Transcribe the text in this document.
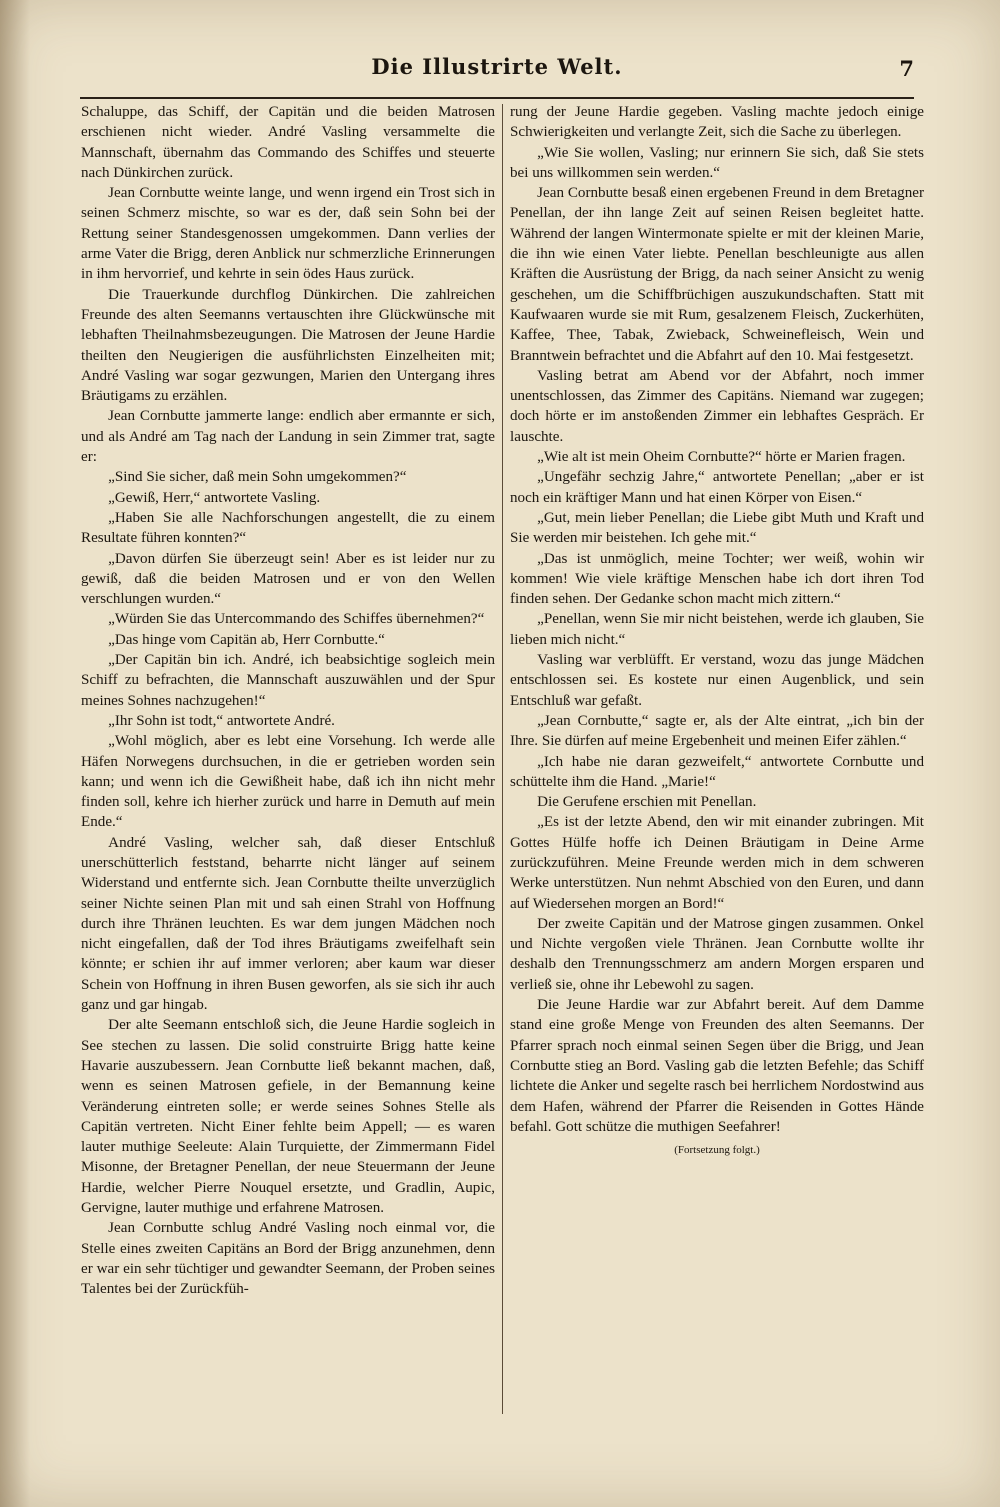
Die Illustrirte Welt.	7

Schaluppe, das Schiff, der Capitän und die beiden Matrosen erschienen nicht wieder. André Vasling versammelte die Mannschaft, übernahm das Commando des Schiffes und steuerte nach Dünkirchen zurück.

Jean Cornbutte weinte lange, und wenn irgend ein Trost sich in seinen Schmerz mischte, so war es der, daß sein Sohn bei der Rettung seiner Standesgenossen umgekommen. Dann verlies der arme Vater die Brigg, deren Anblick nur schmerzliche Erinnerungen in ihm hervorrief, und kehrte in sein ödes Haus zurück.

Die Trauerkunde durchflog Dünkirchen. Die zahlreichen Freunde des alten Seemanns vertauschten ihre Glückwünsche mit lebhaften Theilnahmsbezeugungen. Die Matrosen der Jeune Hardie theilten den Neugierigen die ausführlichsten Einzelheiten mit; André Vasling war sogar gezwungen, Marien den Untergang ihres Bräutigams zu erzählen.

Jean Cornbutte jammerte lange: endlich aber ermannte er sich, und als André am Tag nach der Landung in sein Zimmer trat, sagte er:

„Sind Sie sicher, daß mein Sohn umgekommen?“

„Gewiß, Herr,“ antwortete Vasling.

„Haben Sie alle Nachforschungen angestellt, die zu einem Resultate führen konnten?“

„Davon dürfen Sie überzeugt sein! Aber es ist leider nur zu gewiß, daß die beiden Matrosen und er von den Wellen verschlungen wurden.“

„Würden Sie das Untercommando des Schiffes übernehmen?“

„Das hinge vom Capitän ab, Herr Cornbutte.“

„Der Capitän bin ich. André, ich beabsichtige sogleich mein Schiff zu befrachten, die Mannschaft auszuwählen und der Spur meines Sohnes nachzugehen!“

„Ihr Sohn ist todt,“ antwortete André.

„Wohl möglich, aber es lebt eine Vorsehung. Ich werde alle Häfen Norwegens durchsuchen, in die er getrieben worden sein kann; und wenn ich die Gewißheit habe, daß ich ihn nicht mehr finden soll, kehre ich hierher zurück und harre in Demuth auf mein Ende.“

André Vasling, welcher sah, daß dieser Entschluß unerschütterlich feststand, beharrte nicht länger auf seinem Widerstand und entfernte sich. Jean Cornbutte theilte unverzüglich seiner Nichte seinen Plan mit und sah einen Strahl von Hoffnung durch ihre Thränen leuchten. Es war dem jungen Mädchen noch nicht eingefallen, daß der Tod ihres Bräutigams zweifelhaft sein könnte; er schien ihr auf immer verloren; aber kaum war dieser Schein von Hoffnung in ihren Busen geworfen, als sie sich ihr auch ganz und gar hingab.

Der alte Seemann entschloß sich, die Jeune Hardie sogleich in See stechen zu lassen. Die solid construirte Brigg hatte keine Havarie auszubessern. Jean Cornbutte ließ bekannt machen, daß, wenn es seinen Matrosen gefiele, in der Bemannung keine Veränderung eintreten solle; er werde seines Sohnes Stelle als Capitän vertreten. Nicht Einer fehlte beim Appell; — es waren lauter muthige Seeleute: Alain Turquiette, der Zimmermann Fidel Misonne, der Bretagner Penellan, der neue Steuermann der Jeune Hardie, welcher Pierre Nouquel ersetzte, und Gradlin, Aupic, Gervigne, lauter muthige und erfahrene Matrosen.

Jean Cornbutte schlug André Vasling noch einmal vor, die Stelle eines zweiten Capitäns an Bord der Brigg anzunehmen, denn er war ein sehr tüchtiger und gewandter Seemann, der Proben seines Talentes bei der Zurückfüh-

rung der Jeune Hardie gegeben. Vasling machte jedoch einige Schwierigkeiten und verlangte Zeit, sich die Sache zu überlegen.

„Wie Sie wollen, Vasling; nur erinnern Sie sich, daß Sie stets bei uns willkommen sein werden.“

Jean Cornbutte besaß einen ergebenen Freund in dem Bretagner Penellan, der ihn lange Zeit auf seinen Reisen begleitet hatte. Während der langen Wintermonate spielte er mit der kleinen Marie, die ihn wie einen Vater liebte. Penellan beschleunigte aus allen Kräften die Ausrüstung der Brigg, da nach seiner Ansicht zu wenig geschehen, um die Schiffbrüchigen auszukundschaften. Statt mit Kaufwaaren wurde sie mit Rum, gesalzenem Fleisch, Zuckerhüten, Kaffee, Thee, Tabak, Zwieback, Schweinefleisch, Wein und Branntwein befrachtet und die Abfahrt auf den 10. Mai festgesetzt.

Vasling betrat am Abend vor der Abfahrt, noch immer unentschlossen, das Zimmer des Capitäns. Niemand war zugegen; doch hörte er im anstoßenden Zimmer ein lebhaftes Gespräch. Er lauschte.

„Wie alt ist mein Oheim Cornbutte?“ hörte er Marien fragen.

„Ungefähr sechzig Jahre,“ antwortete Penellan; „aber er ist noch ein kräftiger Mann und hat einen Körper von Eisen.“

„Gut, mein lieber Penellan; die Liebe gibt Muth und Kraft und Sie werden mir beistehen. Ich gehe mit.“

„Das ist unmöglich, meine Tochter; wer weiß, wohin wir kommen! Wie viele kräftige Menschen habe ich dort ihren Tod finden sehen. Der Gedanke schon macht mich zittern.“

„Penellan, wenn Sie mir nicht beistehen, werde ich glauben, Sie lieben mich nicht.“

Vasling war verblüfft. Er verstand, wozu das junge Mädchen entschlossen sei. Es kostete nur einen Augenblick, und sein Entschluß war gefaßt.

„Jean Cornbutte,“ sagte er, als der Alte eintrat, „ich bin der Ihre. Sie dürfen auf meine Ergebenheit und meinen Eifer zählen.“

„Ich habe nie daran gezweifelt,“ antwortete Cornbutte und schüttelte ihm die Hand. „Marie!“

Die Gerufene erschien mit Penellan.

„Es ist der letzte Abend, den wir mit einander zubringen. Mit Gottes Hülfe hoffe ich Deinen Bräutigam in Deine Arme zurückzuführen. Meine Freunde werden mich in dem schweren Werke unterstützen. Nun nehmt Abschied von den Euren, und dann auf Wiedersehen morgen an Bord!“

Der zweite Capitän und der Matrose gingen zusammen. Onkel und Nichte vergoßen viele Thränen. Jean Cornbutte wollte ihr deshalb den Trennungsschmerz am andern Morgen ersparen und verließ sie, ohne ihr Lebewohl zu sagen.

Die Jeune Hardie war zur Abfahrt bereit. Auf dem Damme stand eine große Menge von Freunden des alten Seemanns. Der Pfarrer sprach noch einmal seinen Segen über die Brigg, und Jean Cornbutte stieg an Bord. Vasling gab die letzten Befehle; das Schiff lichtete die Anker und segelte rasch bei herrlichem Nordostwind aus dem Hafen, während der Pfarrer die Reisenden in Gottes Hände befahl. Gott schütze die muthigen Seefahrer!

(Fortsetzung folgt.)
